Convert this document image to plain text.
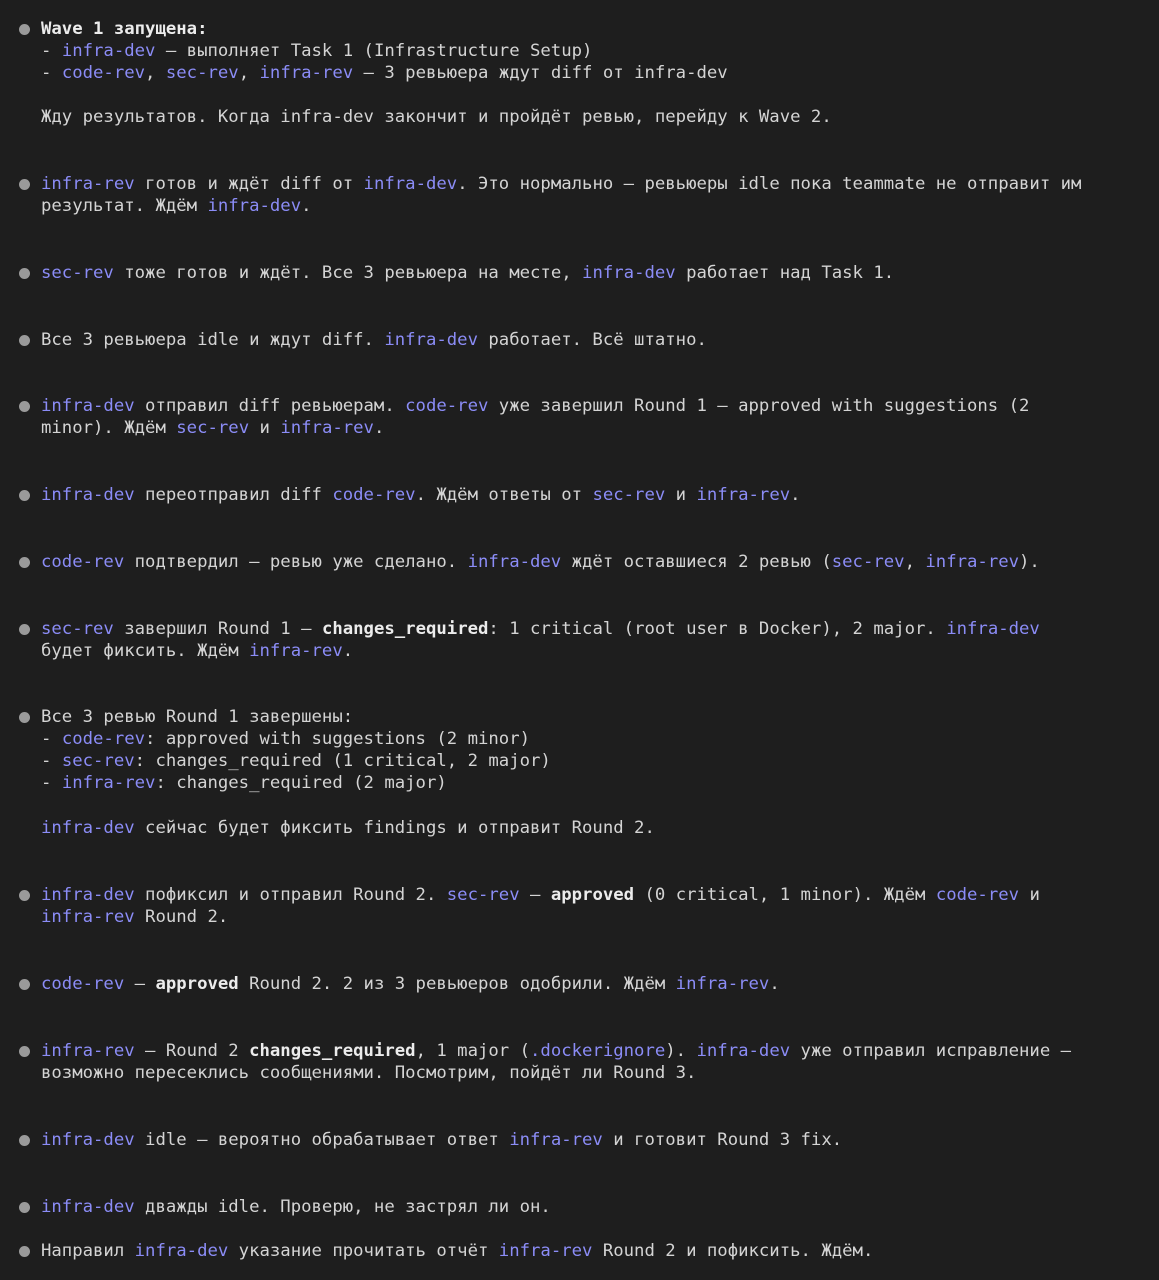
Wave 1 запущена:
- infra-dev — выполняет Task 1 (Infrastructure Setup)
- code-rev, sec-rev, infra-rev — 3 ревьюера ждут diff от infra-dev
Жду результатов. Когда infra-dev закончит и пройдёт ревью, перейду к Wave 2.
infra-rev готов и ждёт diff от infra-dev. Это нормально — ревьюеры idle пока teammate не отправит им
результат. Ждём infra-dev.
sec-rev тоже готов и ждёт. Все 3 ревьюера на месте, infra-dev работает над Task 1.
Все 3 ревьюера idle и ждут diff. infra-dev работает. Всё штатно.
infra-dev отправил diff ревьюерам. code-rev уже завершил Round 1 — approved with suggestions (2
minor). Ждём sec-rev и infra-rev.
infra-dev переотправил diff code-rev. Ждём ответы от sec-rev и infra-rev.
code-rev подтвердил — ревью уже сделано. infra-dev ждёт оставшиеся 2 ревью (sec-rev, infra-rev).
sec-rev завершил Round 1 — changes_required: 1 critical (root user в Docker), 2 major. infra-dev
будет фиксить. Ждём infra-rev.
Все 3 ревью Round 1 завершены:
- code-rev: approved with suggestions (2 minor)
- sec-rev: changes_required (1 critical, 2 major)
- infra-rev: changes_required (2 major)
infra-dev сейчас будет фиксить findings и отправит Round 2.
infra-dev пофиксил и отправил Round 2. sec-rev — approved (0 critical, 1 minor). Ждём code-rev и
infra-rev Round 2.
code-rev — approved Round 2. 2 из 3 ревьюеров одобрили. Ждём infra-rev.
infra-rev — Round 2 changes_required, 1 major (.dockerignore). infra-dev уже отправил исправление —
возможно пересеклись сообщениями. Посмотрим, пойдёт ли Round 3.
infra-dev idle — вероятно обрабатывает ответ infra-rev и готовит Round 3 fix.
infra-dev дважды idle. Проверю, не застрял ли он.
Направил infra-dev указание прочитать отчёт infra-rev Round 2 и пофиксить. Ждём.
